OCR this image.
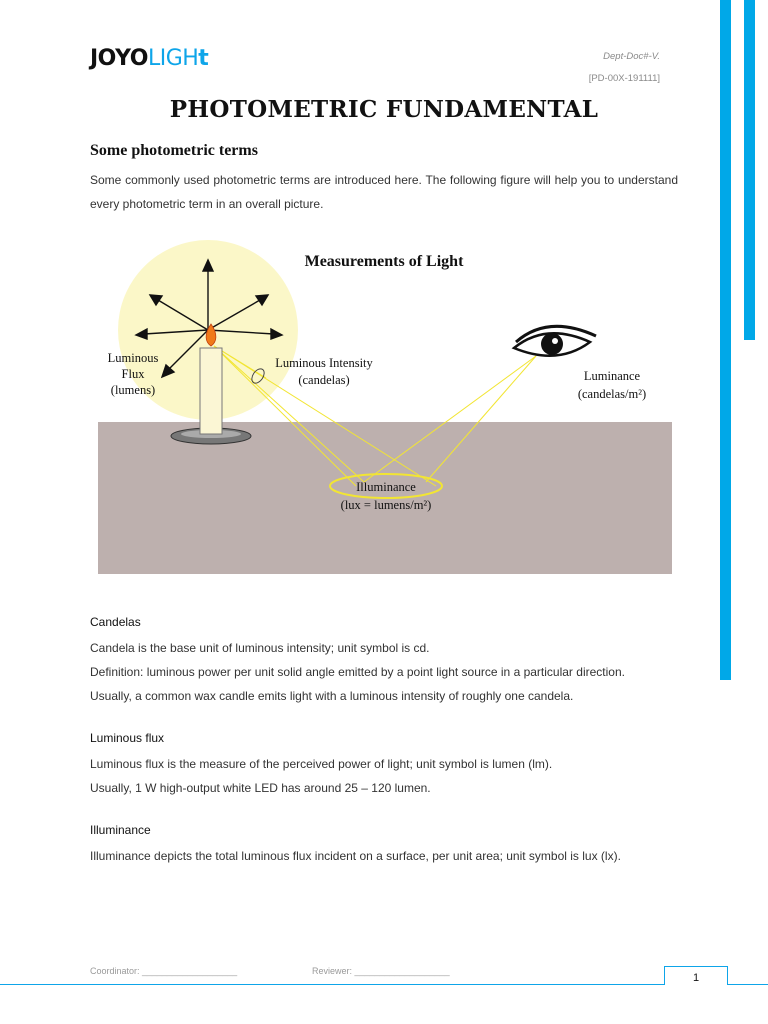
JOYOLIGHt	Dept-Doc#-V.
[PD-00X-191111]
PHOTOMETRIC FUNDAMENTAL
Some photometric terms

Some commonly used photometric terms are introduced here. The following figure will help you to understand every photometric term in an overall picture.

Measurements of Light
Luminous
Flux
(lumens)
Luminous Intensity
(candelas)	Luminance
(candelas/m²)
Illuminance
(lux = lumens/m²)

Candelas

Candela is the base unit of luminous intensity; unit symbol is cd.

Definition: luminous power per unit solid angle emitted by a point light source in a particular direction.

Usually, a common wax candle emits light with a luminous intensity of roughly one candela.

Luminous flux

Luminous flux is the measure of the perceived power of light; unit symbol is lumen (lm).

Usually, 1 W high-output white LED has around 25 – 120 lumen.

Illuminance

Illuminance depicts the total luminous flux incident on a surface, per unit area; unit symbol is lux (lx).

Coordinator: ___________________	Reviewer: ___________________
1
